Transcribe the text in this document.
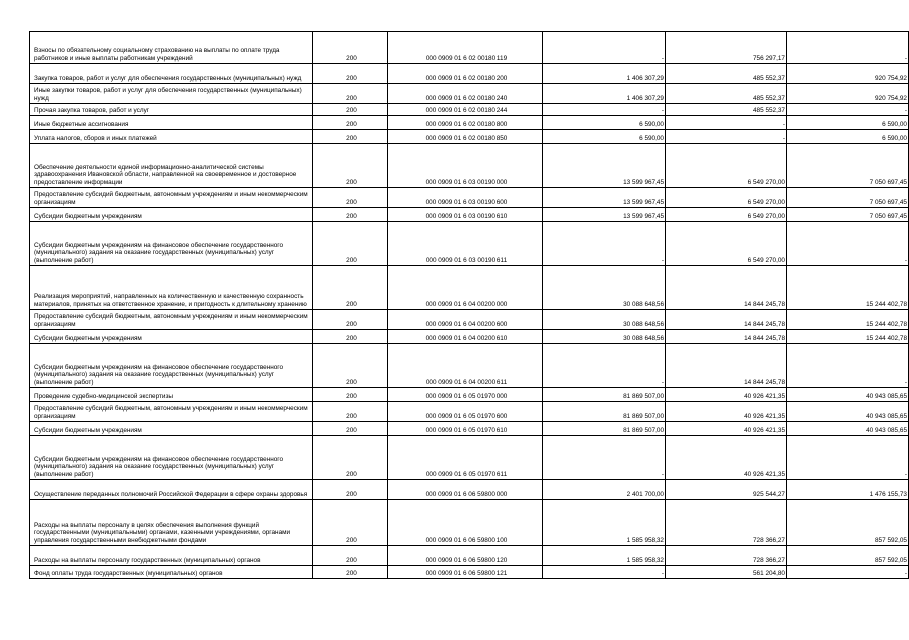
Взносы по обязательному социальному страхованию на выплаты по оплате труда работников и иные выплаты работникам учреждений	200	000 0909 01 6 02 00180 119	-	756 297,17	-
Закупка товаров, работ и услуг для обеспечения государственных (муниципальных) нужд	200	000 0909 01 6 02 00180 200	1 406 307,29	485 552,37	920 754,92
Иные закупки товаров, работ и услуг для обеспечения государственных (муниципальных) нужд	200	000 0909 01 6 02 00180 240	1 406 307,29	485 552,37	920 754,92
Прочая закупка товаров, работ и услуг	200	000 0909 01 6 02 00180 244	-	485 552,37	-
Иные бюджетные ассигнования	200	000 0909 01 6 02 00180 800	6 590,00	-	6 590,00
Уплата налогов, сборов и иных платежей	200	000 0909 01 6 02 00180 850	6 590,00	-	6 590,00
Обеспечение деятельности единой информационно-аналитической системы здравоохранения Ивановской области, направленной на своевременное и достоверное предоставление информации	200	000 0909 01 6 03 00190 000	13 599 967,45	6 549 270,00	7 050 697,45
Предоставление субсидий бюджетным, автономным учреждениям и иным некоммерческим организациям	200	000 0909 01 6 03 00190 600	13 599 967,45	6 549 270,00	7 050 697,45
Субсидии бюджетным учреждениям	200	000 0909 01 6 03 00190 610	13 599 967,45	6 549 270,00	7 050 697,45
Субсидии бюджетным учреждениям на финансовое обеспечение государственного (муниципального) задания на оказание государственных (муниципальных) услуг (выполнение работ)	200	000 0909 01 6 03 00190 611	-	6 549 270,00	-
Реализация мероприятий, направленных на количественную и качественную сохранность материалов, принятых на ответственное хранение, и пригодность к длительному хранению	200	000 0909 01 6 04 00200 000	30 088 648,56	14 844 245,78	15 244 402,78
Предоставление субсидий бюджетным, автономным учреждениям и иным некоммерческим организациям	200	000 0909 01 6 04 00200 600	30 088 648,56	14 844 245,78	15 244 402,78
Субсидии бюджетным учреждениям	200	000 0909 01 6 04 00200 610	30 088 648,56	14 844 245,78	15 244 402,78
Субсидии бюджетным учреждениям на финансовое обеспечение государственного (муниципального) задания на оказание государственных (муниципальных) услуг (выполнение работ)	200	000 0909 01 6 04 00200 611	-	14 844 245,78	-
Проведение судебно-медицинской экспертизы	200	000 0909 01 6 05 01970 000	81 869 507,00	40 926 421,35	40 943 085,65
Предоставление субсидий бюджетным, автономным учреждениям и иным некоммерческим организациям	200	000 0909 01 6 05 01970 600	81 869 507,00	40 926 421,35	40 943 085,65
Субсидии бюджетным учреждениям	200	000 0909 01 6 05 01970 610	81 869 507,00	40 926 421,35	40 943 085,65
Субсидии бюджетным учреждениям на финансовое обеспечение государственного (муниципального) задания на оказание государственных (муниципальных) услуг (выполнение работ)	200	000 0909 01 6 05 01970 611	-	40 926 421,35	-
Осуществление переданных полномочий Российской Федерации в сфере охраны здоровья	200	000 0909 01 6 06 59800 000	2 401 700,00	925 544,27	1 476 155,73
Расходы на выплаты персоналу в целях обеспечения выполнения функций государственными (муниципальными) органами, казенными учреждениями, органами управления государственными внебюджетными фондами	200	000 0909 01 6 06 59800 100	1 585 958,32	728 366,27	857 592,05
Расходы на выплаты персоналу государственных (муниципальных) органов	200	000 0909 01 6 06 59800 120	1 585 958,32	728 366,27	857 592,05
Фонд оплаты труда государственных (муниципальных) органов	200	000 0909 01 6 06 59800 121	-	561 204,80	-
